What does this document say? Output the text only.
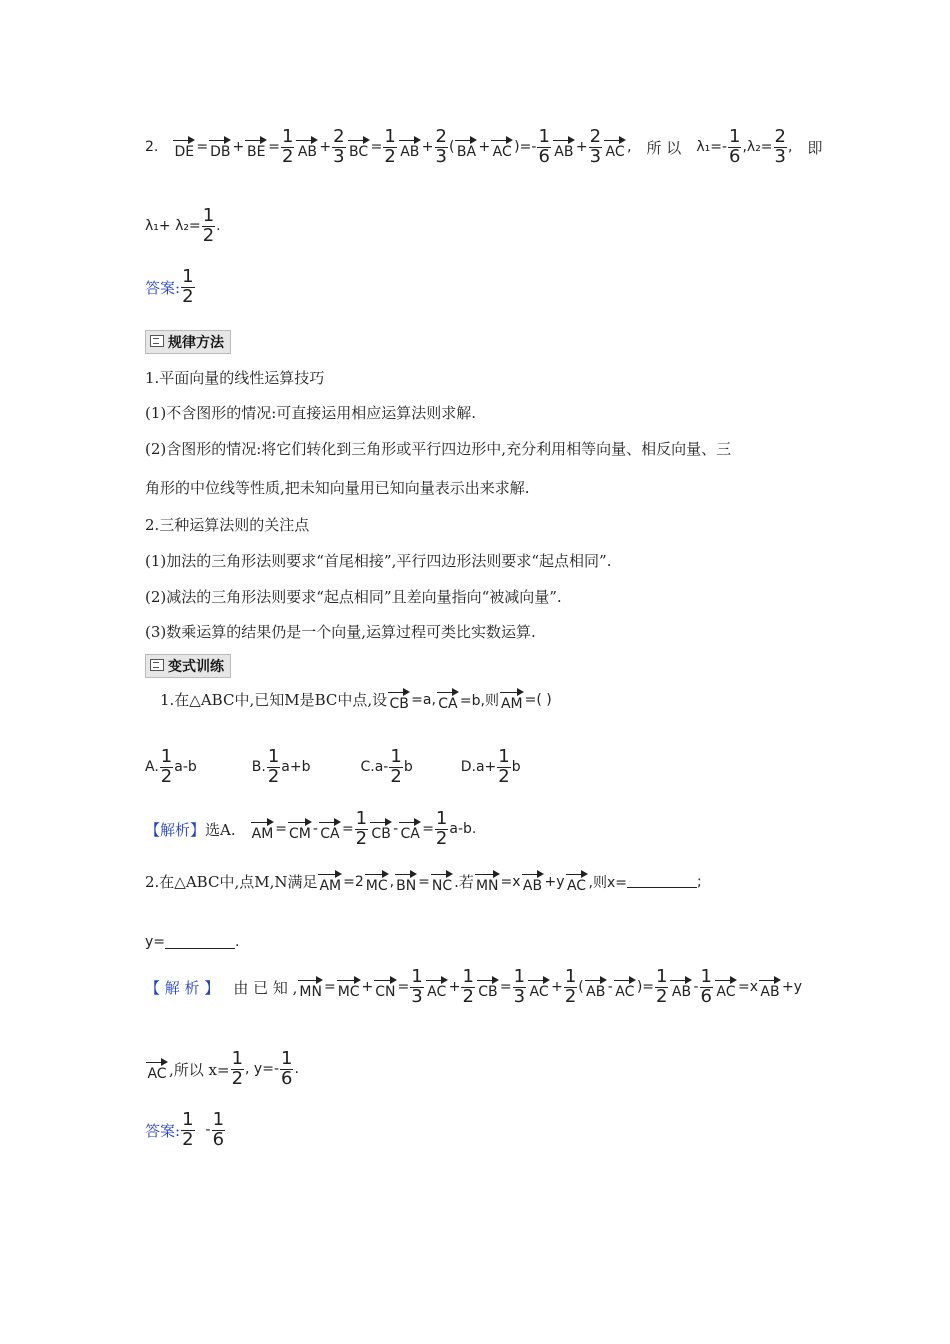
2. DE = DB + BE = $\frac{1}{2}$ AB + $\frac{2}{3}$ BC = $\frac{1}{2}$ AB + $\frac{2}{3}$ ( BA + AC ) =- $\frac{1}{6}$ AB + $\frac{2}{3}$ AC , 所 以 $\lambda_1=- \frac{1}{6}$ , $\lambda_2= \frac{2}{3}$ , 即
$\lambda_1+ \lambda_2= \frac{1}{2}$ .
答案: $\frac{1}{2}$
规律方法
1.平面向量的线性运算技巧
(1)不含图形的情况:可直接运用相应运算法则求解.
(2)含图形的情况:将它们转化到三角形或平行四边形中,充分利用相等向量、相反向量、三
角形的中位线等性质,把未知向量用已知向量表示出来求解.
2.三种运算法则的关注点
(1)加法的三角形法则要求“首尾相接”,平行四边形法则要求“起点相同”.
(2)减法的三角形法则要求“起点相同”且差向量指向“被减向量”.
(3)数乘运算的结果仍是一个向量,运算过程可类比实数运算.
变式训练
1.在△ABC中,已知M是BC中点,设 CB =a, CA =b,则 AM =( )
A. $\frac{1}{2} a-b$	B. $\frac{1}{2} a+b$	C. $a- \frac{1}{2}$ b	D. $a+ \frac{1}{2}$ b
【解析】 选A. AM = CM - CA = $\frac{1}{2}$ CB - CA = $\frac{1}{2} a-b$.
2.在△ABC中,点M,N满足 AM =2 MC , BN = NC .若 MN =x AB +y AC ,则x=	;
y=	.
【 解 析 】 由 已 知 , MN = MC + CN = $\frac{1}{3}$ AC + $\frac{1}{2}$ CB = $\frac{1}{3}$ AC + $\frac{1}{2}$ ( AB - AC )= $\frac{1}{2}$ AB - $\frac{1}{6}$ AC =x AB +y
AC ,所以 $x= \frac{1}{2}$ , $y=- \frac{1}{6}$ .
答案: $\frac{1}{2} - \frac{1}{6}$
